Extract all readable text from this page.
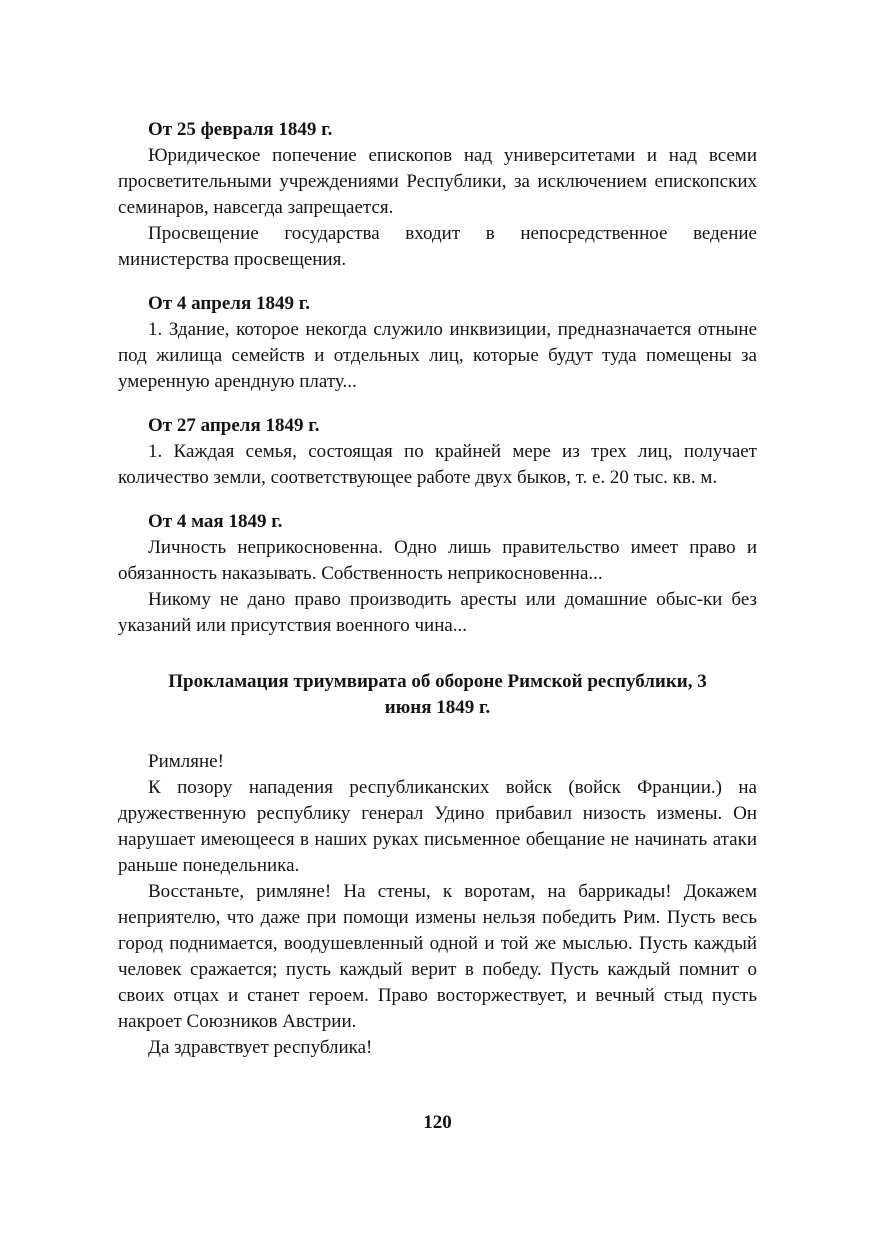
От 25 февраля 1849 г.

Юридическое попечение епископов над университетами и над всеми просветительными учреждениями Республики, за исключением епископских семинаров, навсегда запрещается.

Просвещение государства входит в непосредственное ведение министерства просвещения.

От 4 апреля 1849 г.

1. Здание, которое некогда служило инквизиции, предназначается отныне под жилища семейств и отдельных лиц, которые будут туда помещены за умеренную арендную плату...

От 27 апреля 1849 г.

1. Каждая семья, состоящая по крайней мере из трех лиц, получает количество земли, соответствующее работе двух быков, т. е. 20 тыс. кв. м.

От 4 мая 1849 г.

Личность неприкосновенна. Одно лишь правительство имеет право и обязанность наказывать. Собственность неприкосновенна...

Никому не дано право производить аресты или домашние обыс-ки без указаний или присутствия военного чина...

Прокламация триумвирата об обороне Римской республики, 3
июня 1849 г.

Римляне!

К позору нападения республиканских войск (войск Франции.) на дружественную республику генерал Удино прибавил низость измены. Он нарушает имеющееся в наших руках письменное обещание не начинать атаки раньше понедельника.

Восстаньте, римляне! На стены, к воротам, на баррикады! Докажем неприятелю, что даже при помощи измены нельзя победить Рим. Пусть весь город поднимается, воодушевленный одной и той же мыслью. Пусть каждый человек сражается; пусть каждый верит в победу. Пусть каждый помнит о своих отцах и станет героем. Право восторжествует, и вечный стыд пусть накроет Союзников Австрии.

Да здравствует республика!

120
